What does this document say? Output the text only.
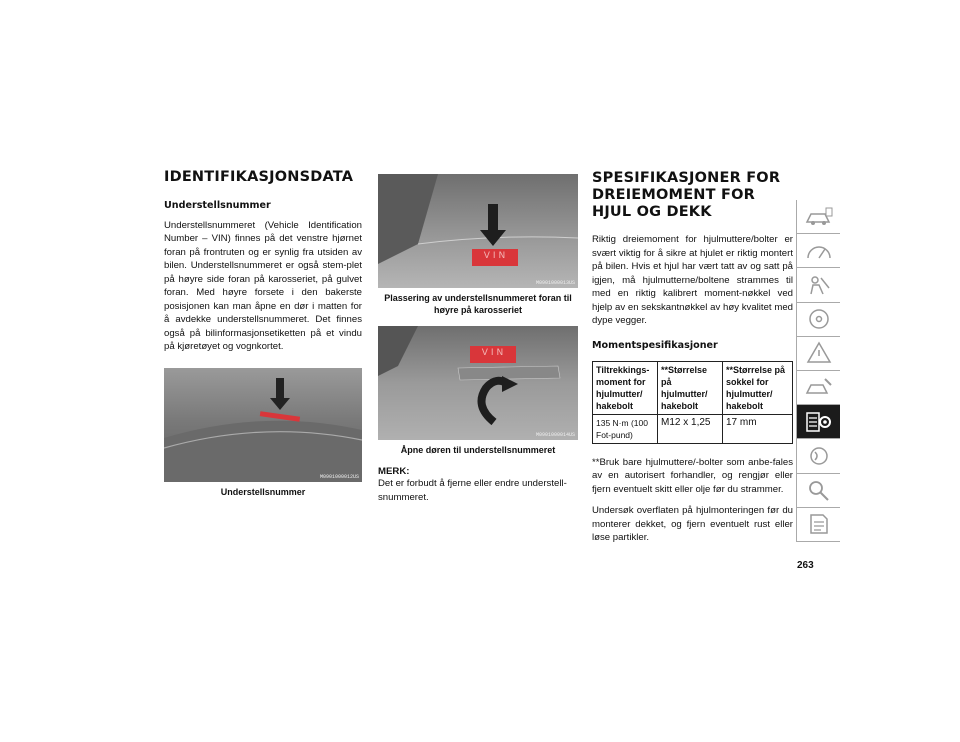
IDENTIFIKASJONSDATA
Understellsnummer

Understellsnummeret (Vehicle Identification Number – VIN) finnes på det venstre hjørnet foran på frontruten og er synlig fra utsiden av bilen. Understellsnummeret er også stem-plet på høyre side foran på karosseriet, på gulvet foran. Med høyre forsete i den bakerste posisjonen kan man åpne en dør i matten for å avdekke understellsnummeret. Det finnes også på bilinformasjonsetiketten på et vindu på kjøretøyet og vognkortet.

M0901000012US
Understellsnummer
VIN
M0901000013US
Plassering av understellsnummeret foran til høyre på karosseriet
VIN
M0901000014US
Åpne døren til understellsnummeret
MERK:

Det er forbudt å fjerne eller endre understell-snummeret.

SPESIFIKASJONER FOR DREIEMOMENT FOR HJUL OG DEKK

Riktig dreiemoment for hjulmuttere/bolter er svært viktig for å sikre at hjulet er riktig montert på bilen. Hvis et hjul har vært tatt av og satt på igjen, må hjulmutterne/boltene strammes til med en riktig kalibrert moment-nøkkel ved hjelp av en sekskantnøkkel av høy kvalitet med dype vegger.

Momentspesifikasjoner
Tiltrekkings-moment for hjulmutter/ hakebolt	**Størrelse på hjulmutter/ hakebolt	**Størrelse på sokkel for hjulmutter/ hakebolt
135 N·m (100 Fot-pund)	M12 x 1,25	17 mm

**Bruk bare hjulmuttere/-bolter som anbe-fales av en autorisert forhandler, og rengjør eller fjern eventuelt skitt eller olje før du strammer.

Undersøk overflaten på hjulmonteringen før du monterer dekket, og fjern eventuelt rust eller løse partikler.

263
